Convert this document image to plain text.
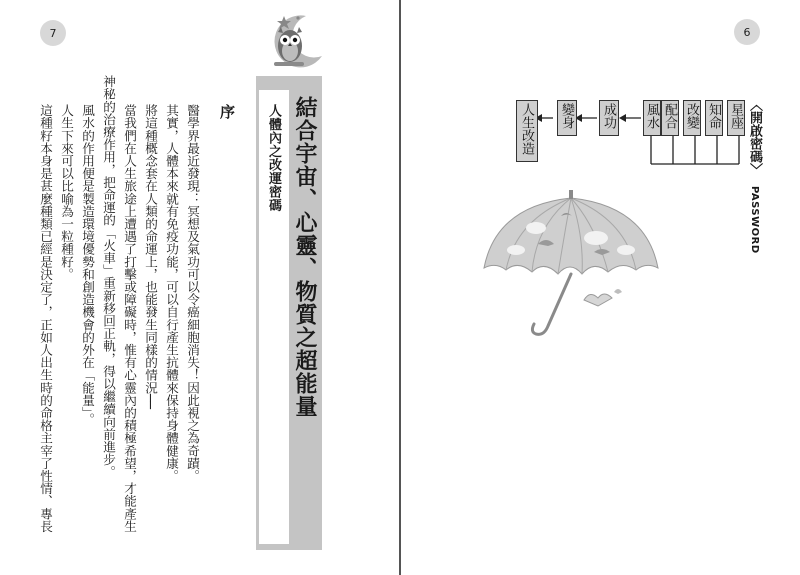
7
結合宇宙、心靈、物質之超能量
人體內之改運密碼
序
醫學界最近發現：冥想及氣功可以令癌細胞消失！因此視之為奇蹟。
其實，人體本來就有免疫功能，可以自行產生抗體來保持身體健康。
將這種概念套在人類的命運上，也能發生同樣的情況──
當我們在人生旅途上遭遇了打擊或障礙時，惟有心靈內的積極希望，才能產生
神秘的治療作用，把命運的「火車」重新移回正軌，得以繼續向前進步。
風水的作用便是製造環境優勢和創造機會的外在「能量」。
人生下來可以比喻為一粒種籽。
這種籽本身是甚麼種類已經是決定了，正如人出生時的命格主宰了性情、專長
6
〈開啟密碼〉
PASSWORD
星座
知命
改變
配合
風水
成功
變身
人生改造
